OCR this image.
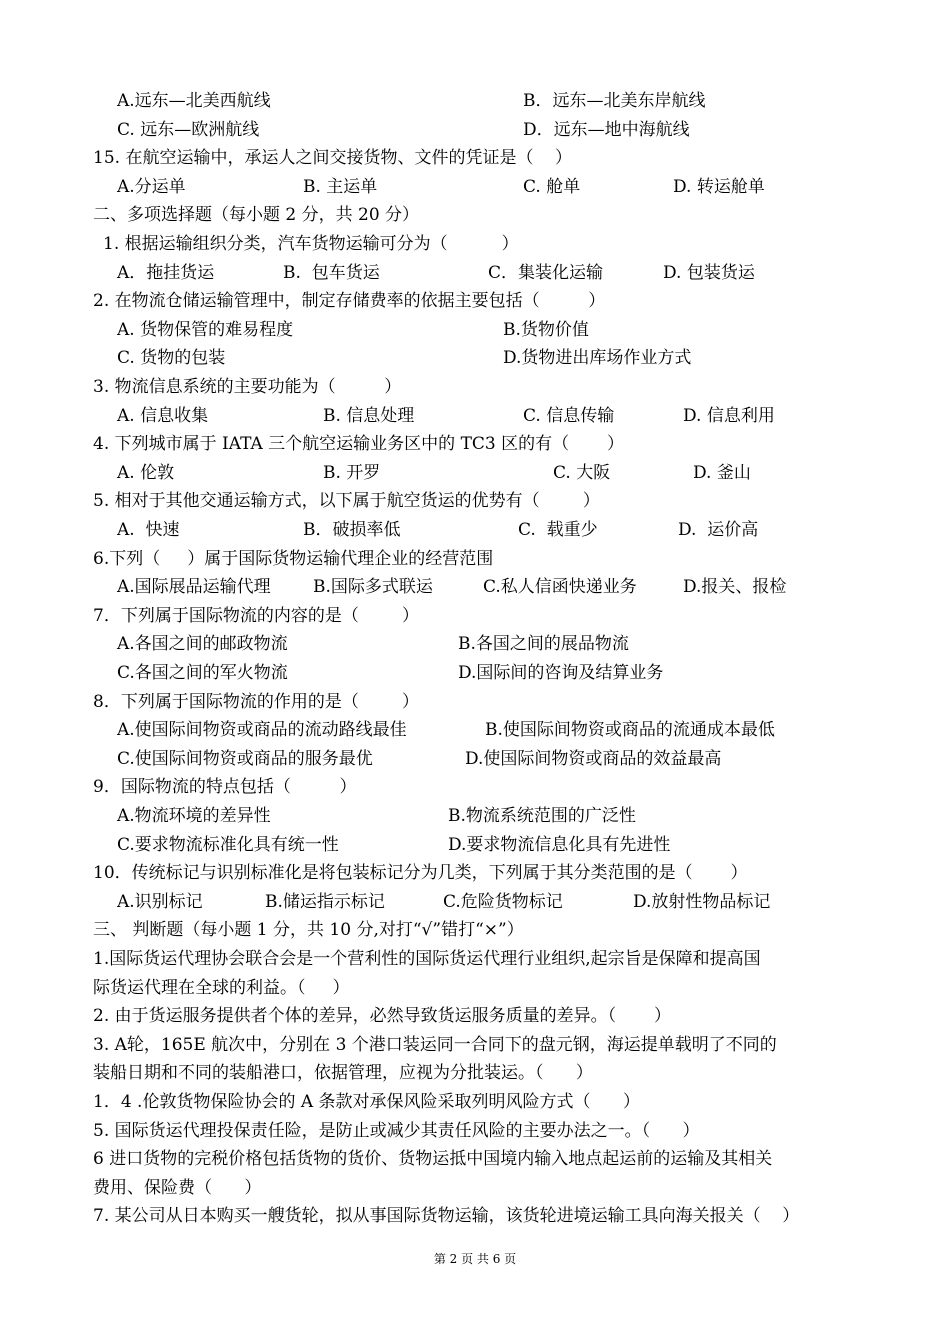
A.远东—北美西航线	B．远东—北美东岸航线
C. 远东—欧洲航线	D．远东—地中海航线
15. 在航空运输中，承运人之间交接货物、文件的凭证是（    ）
A.分运单	B. 主运单	C. 舱单	D. 转运舱单
二、多项选择题（每小题 2 分，共 20 分）
1. 根据运输组织分类，汽车货物运输可分为（          ）
A．拖挂货运	B.  包车货运	C．集装化运输	D. 包装货运
2. 在物流仓储运输管理中，制定存储费率的依据主要包括（         ）
A. 货物保管的难易程度	B.货物价值
C. 货物的包装	D.货物进出库场作业方式
3. 物流信息系统的主要功能为（         ）
A. 信息收集	B. 信息处理	C. 信息传输	D. 信息利用
4. 下列城市属于 IATA 三个航空运输业务区中的 TC3 区的有（       ）
A. 伦敦	B. 开罗	C. 大阪	D. 釜山
5. 相对于其他交通运输方式，以下属于航空货运的优势有（        ）
A.  快速	B．破损率低	C.  载重少	D.  运价高
6.下列（     ）属于国际货物运输代理企业的经营范围
A.国际展品运输代理 B.国际多式联运	C.私人信函快递业务	D.报关、报检
7．下列属于国际物流的内容的是（        ）
A.各国之间的邮政物流	B.各国之间的展品物流
C.各国之间的军火物流	D.国际间的咨询及结算业务
8．下列属于国际物流的作用的是（        ）
A.使国际间物资或商品的流动路线最佳	B.使国际间物资或商品的流通成本最低
C.使国际间物资或商品的服务最优	D.使国际间物资或商品的效益最高
9．国际物流的特点包括（         ）
A.物流环境的差异性	B.物流系统范围的广泛性
C.要求物流标准化具有统一性	D.要求物流信息化具有先进性
10．传统标记与识别标准化是将包装标记分为几类，下列属于其分类范围的是（       ）
A.识别标记	B.储运指示标记	C.危险货物标记	D.放射性物品标记
三、 判断题（每小题 1 分，共 10 分,对打“√”错打“×”）
1.国际货运代理协会联合会是一个营利性的国际货运代理行业组织,起宗旨是保障和提高国
际货运代理在全球的利益。（     ）
2. 由于货运服务提供者个体的差异，必然导致货运服务质量的差异。（       ）
3. A轮，165E 航次中，分别在 3 个港口装运同一合同下的盘元钢，海运提单载明了不同的
装船日期和不同的装船港口，依据管理，应视为分批装运。（      ）
1．4 .伦敦货物保险协会的 A 条款对承保风险采取列明风险方式（      ）
5. 国际货运代理投保责任险，是防止或减少其责任风险的主要办法之一。（      ）
6 进口货物的完税价格包括货物的货价、货物运抵中国境内输入地点起运前的运输及其相关
费用、保险费（      ）
7. 某公司从日本购买一艘货轮，拟从事国际货物运输，该货轮进境运输工具向海关报关（    ）
第 2 页 共 6 页
